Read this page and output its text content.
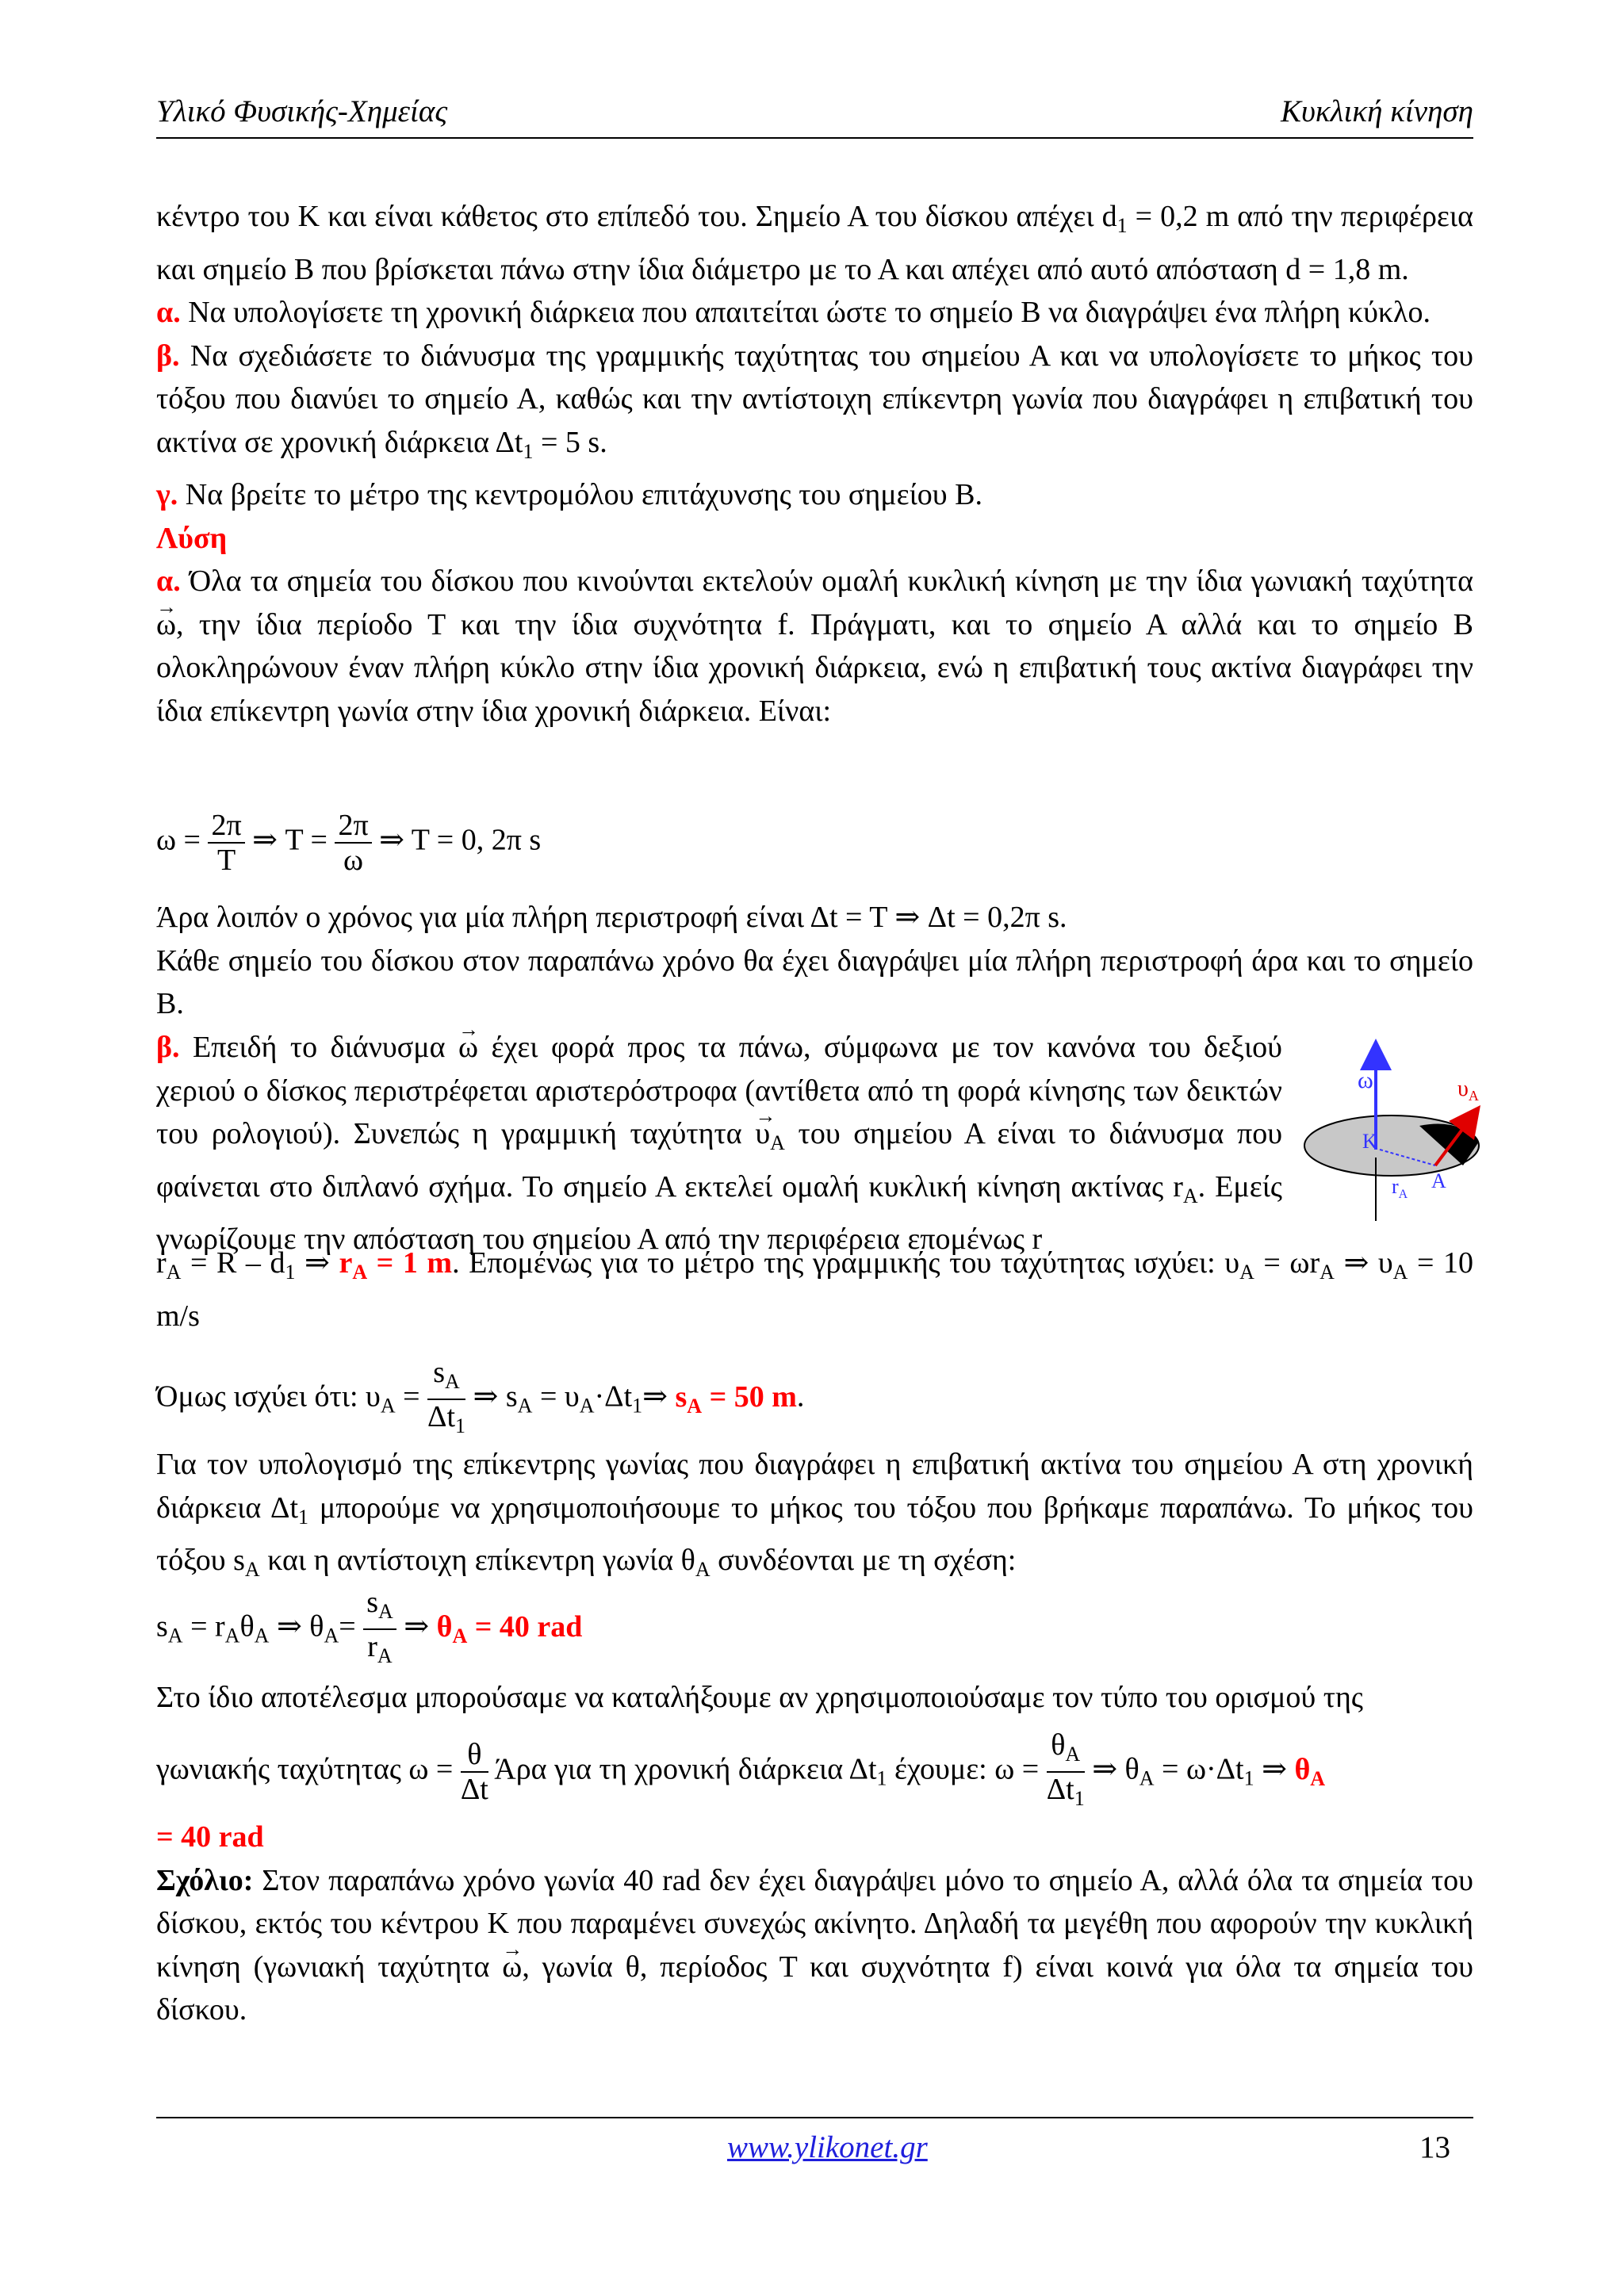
Υλικό Φυσικής-Χημείας	Κυκλική κίνηση

κέντρο του Κ και είναι κάθετος στο επίπεδό του. Σημείο Α του δίσκου απέχει $d_1 = 0,2$ m από την περιφέρεια και σημείο Β που βρίσκεται πάνω στην ίδια διάμετρο με το Α και απέχει από αυτό απόσταση d = 1,8 m.

α. Να υπολογίσετε τη χρονική διάρκεια που απαιτείται ώστε το σημείο Β να διαγράψει ένα πλήρη κύκλο.

β. Να σχεδιάσετε το διάνυσμα της γραμμικής ταχύτητας του σημείου Α και να υπολογίσετε το μήκος του τόξου που διανύει το σημείο Α, καθώς και την αντίστοιχη επίκεντρη γωνία που διαγράφει η επιβατική του ακτίνα σε χρονική διάρκεια $\Delta t_1 = 5$ s.

γ. Να βρείτε το μέτρο της κεντρομόλου επιτάχυνσης του σημείου Β.

Λύση

α. Όλα τα σημεία του δίσκου που κινούνται εκτελούν ομαλή κυκλική κίνηση με την ίδια γωνιακή ταχύτητα → ω, την ίδια περίοδο Τ και την ίδια συχνότητα f. Πράγματι, και το σημείο Α αλλά και το σημείο Β ολοκληρώνουν έναν πλήρη κύκλο στην ίδια χρονική διάρκεια, ενώ η επιβατική τους ακτίνα διαγράφει την ίδια επίκεντρη γωνία στην ίδια χρονική διάρκεια. Είναι:

$\omega = \frac{2\pi}{T}$ ⇒ $T = \frac{2\pi}{\omega}$ ⇒ T = 0, 2π s

Άρα λοιπόν ο χρόνος για μία πλήρη περιστροφή είναι Δt = T ⇒ Δt = 0,2π s.

Κάθε σημείο του δίσκου στον παραπάνω χρόνο θα έχει διαγράψει μία πλήρη περιστροφή άρα και το σημείο Β.

β. Επειδή το διάνυσμα → ω έχει φορά προς τα πάνω, σύμφωνα με τον κανόνα του δεξιού χεριού ο δίσκος περιστρέφεται αριστερόστροφα (αντίθετα από τη φορά κίνησης των δεικτών του ρολογιού). Συνεπώς η γραμμική $\tau\alpha\chi ύ\tau\eta\tau\alpha \to \upsilon_A$ του σημείου Α είναι το διάνυσμα που φαίνεται στο διπλανό σχήμα. Το σημείο Α εκτελεί ομαλή κυκλική κίνηση ακτίνας $r_A$. Εμείς γνωρίζουμε την απόσταση του σημείου Α από την περιφέρεια επομένως r

$r_A = R - d_1$ ⇒ $r_A = 1$ m. Επομένως για το μέτρο της γραμμικής του ταχύτητας ισχύει: $\upsilon_A = \omega r_A$ ⇒ $\upsilon_A = 10$ m/s

Όμως ισχύει ότι: $\upsilon_A = \frac{s_A}{\Delta t_1}$ ⇒ $s_A$ = $\upsilon_A\cdot\Delta t_1\Rightarrow$ $s_A = 50$ m.

Για τον υπολογισμό της επίκεντρης γωνίας που διαγράφει η επιβατική ακτίνα του σημείου Α στη χρονική διάρκεια $\Delta t_1$ μπορούμε να χρησιμοποιήσουμε το μήκος του τόξου που βρήκαμε παραπάνω. Το μήκος του τόξου $s_A$ και η αντίστοιχη επίκεντρη γωνία $\theta_A$ συνδέονται με τη σχέση:

$s_A = r_A\theta_A$ ⇒ $\theta_A= \frac{s_A}{r_A}$ ⇒ $\theta_A = 40$ rad

Στο ίδιο αποτέλεσμα μπορούσαμε να καταλήξουμε αν χρησιμοποιούσαμε τον τύπο του ορισμού της

γωνιακής ταχύτητας $\omega = \frac{\theta}{\Delta t}$ Άρα για τη χρονική διάρκεια $\Delta t_1$ έχουμε: $\omega = \frac{\theta_A}{\Delta t_1}$ ⇒ $\theta_A = \omega\cdot\Delta t_1$ ⇒ $\theta_A$

= 40 rad

Σχόλιο: Στον παραπάνω χρόνο γωνία 40 rad δεν έχει διαγράψει μόνο το σημείο Α, αλλά όλα τα σημεία του δίσκου, εκτός του κέντρου Κ που παραμένει συνεχώς ακίνητο. Δηλαδή τα μεγέθη που αφορούν την κυκλική κίνηση (γωνιακή ταχύτητα → ω, γωνία θ, περίοδος Τ και συχνότητα f) είναι κοινά για όλα τα σημεία του δίσκου.

ω	$\upsilon_A$
K
$r_A$
A
www.ylikonet.gr	13
